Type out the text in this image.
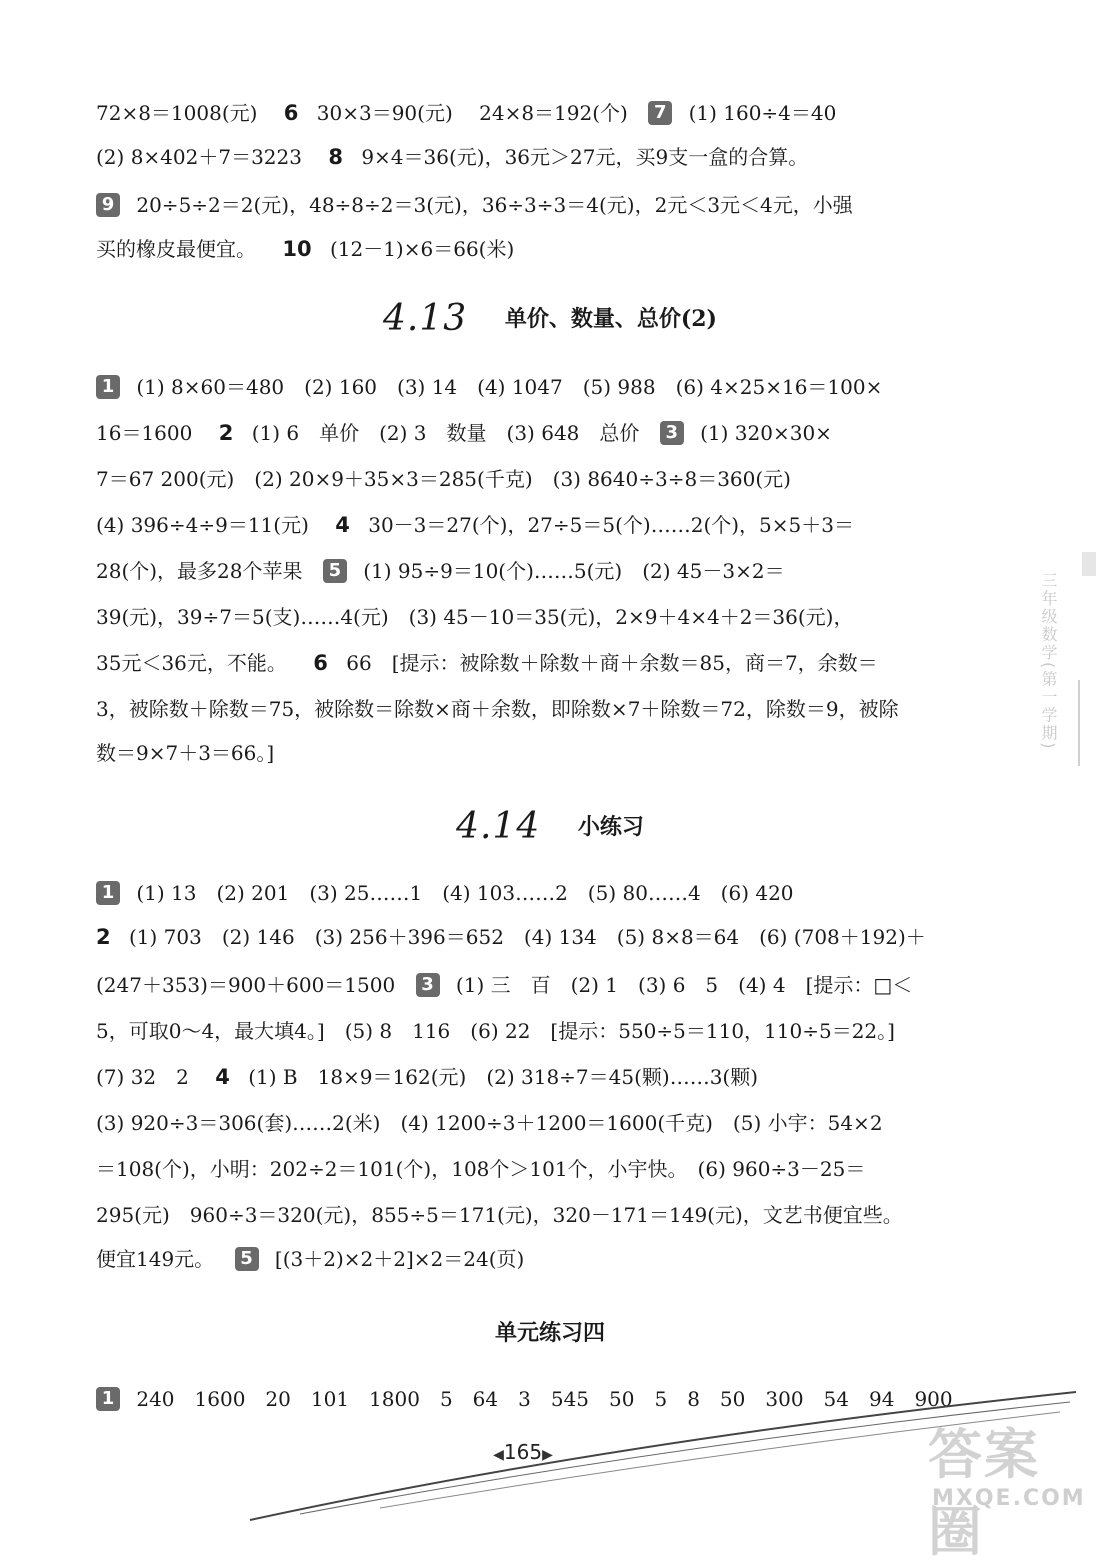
72×8＝1008(元) 6 30×3＝90(元)　 24×8＝192(个) 7 (1) 160÷4＝40
(2) 8×402＋7＝3223 8 9×4＝36(元)，36元＞27元，买9支一盒的合算。
9 20÷5÷2＝2(元)，48÷8÷2＝3(元)，36÷3÷3＝4(元)，2元＜3元＜4元，小强
买的橡皮最便宜。 10 (12－1)×6＝66(米)
4.13 单价、数量、总价(2)
1 (1) 8×60＝480　(2) 160　(3) 14　(4) 1047　(5) 988　(6) 4×25×16＝100×
16＝1600 2 (1) 6　单价　(2) 3　数量　(3) 648　总价 3 (1) 320×30×
7＝67 200(元)　(2) 20×9＋35×3＝285(千克)　(3) 8640÷3÷8＝360(元)
(4) 396÷4÷9＝11(元) 4 30－3＝27(个)，27÷5＝5(个)……2(个)，5×5＋3＝
28(个)，最多28个苹果 5 (1) 95÷9＝10(个)……5(元)　(2) 45－3×2＝
39(元)，39÷7＝5(支)……4(元)　(3) 45－10＝35(元)，2×9＋4×4＋2＝36(元)，
35元＜36元，不能。 6 66　[提示：被除数＋除数＋商＋余数＝85，商＝7，余数＝
3，被除数＋除数＝75，被除数＝除数×商＋余数，即除数×7＋除数＝72，除数＝9，被除
数＝9×7＋3＝66。]
4.14 小练习
1 (1) 13　(2) 201　(3) 25……1　(4) 103……2　(5) 80……4　(6) 420
2 (1) 703　(2) 146　(3) 256＋396＝652　(4) 134　(5) 8×8＝64　(6) (708＋192)＋
(247＋353)＝900＋600＝1500 3 (1) 三　百　(2) 1　(3) 6　5　(4) 4　[提示：□＜
5，可取0～4，最大填4。]　(5) 8　116　(6) 22　[提示：550÷5＝110，110÷5＝22。]
(7) 32　2 4 (1) B　18×9＝162(元)　(2) 318÷7＝45(颗)……3(颗)
(3) 920÷3＝306(套)……2(米)　(4) 1200÷3＋1200＝1600(千克)　(5) 小宇：54×2
＝108(个)，小明：202÷2＝101(个)，108个＞101个，小宇快。　(6) 960÷3－25＝
295(元)　960÷3＝320(元)，855÷5＝171(元)，320－171＝149(元)，文艺书便宜些。
便宜149元。 5 [(3＋2)×2＋2]×2＝24(页)
单元练习四
1 240　1600　20　101　1800　5　64　3　545　50　5　8　50　300　54　94　900
◀165▶
三年级数学(第一学期)
答案圈
MXQE.COM
